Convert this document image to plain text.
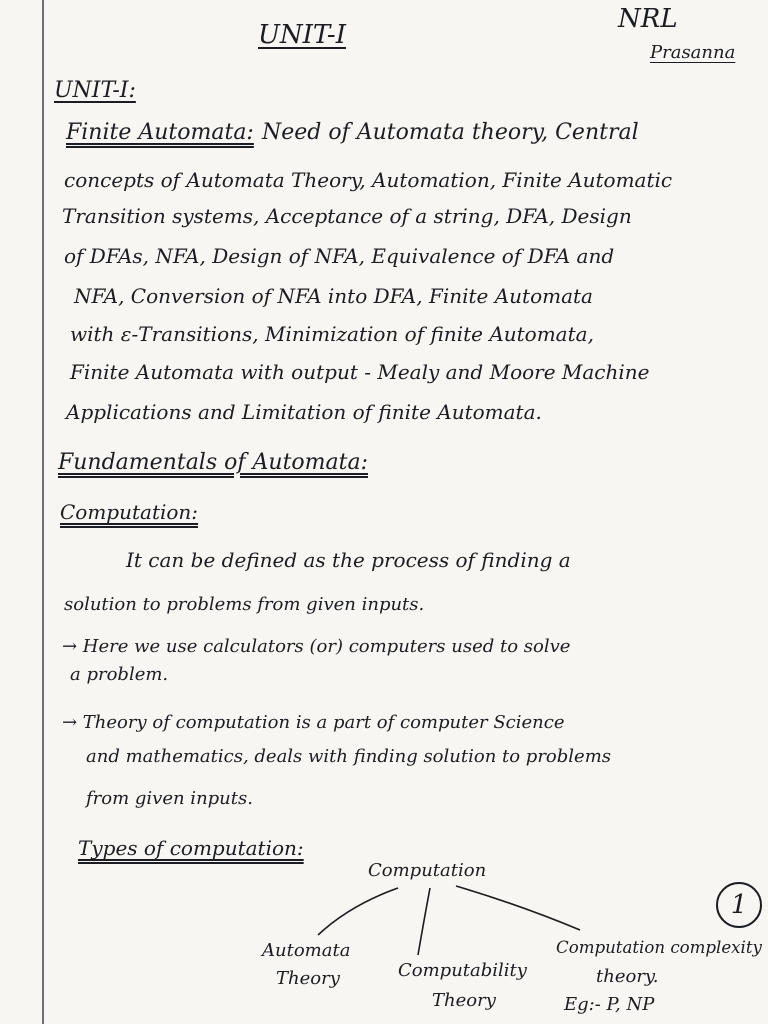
UNIT-I
NRL
Prasanna
UNIT-I:
Finite Automata: Need of Automata theory, Central
concepts of Automata Theory, Automation, Finite Automatic
Transition systems, Acceptance of a string, DFA, Design
of DFAs, NFA, Design of NFA, Equivalence of DFA and
NFA, Conversion of NFA into DFA, Finite Automata
with ε-Transitions, Minimization of finite Automata,
Finite Automata with output - Mealy and Moore Machine
Applications and Limitation of finite Automata.
Fundamentals of Automata:
Computation:
It can be defined as the process of finding a
solution to problems from given inputs.
→ Here we use calculators (or) computers used to solve
a problem.
→ Theory of computation is a part of computer Science
and mathematics, deals with finding solution to problems
from given inputs.
Types of computation:
Computation
Automata
Theory	Computability
Theory
Computation complexity
theory.
Eg:- P, NP
1
